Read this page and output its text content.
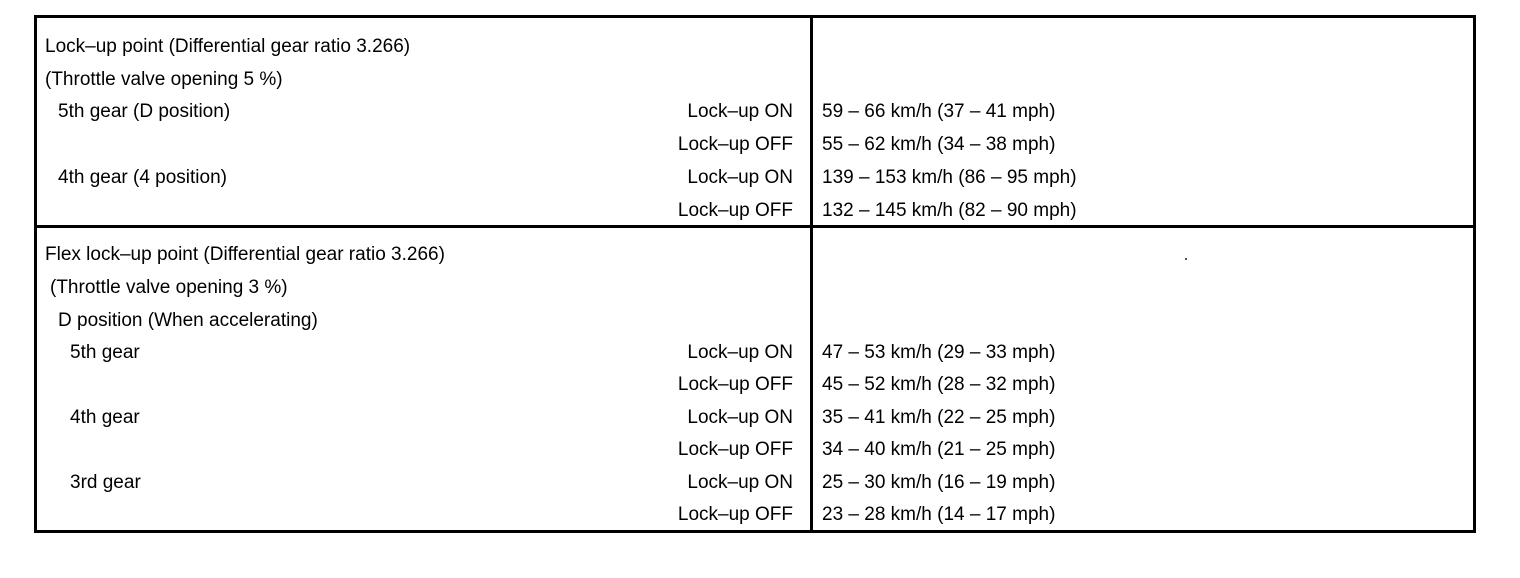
Lock–up point (Differential gear ratio 3.266)
(Throttle valve opening 5 %)
5th gear (D position)	Lock–up ON 59 – 66 km/h (37 – 41 mph)
Lock–up OFF 55 – 62 km/h (34 – 38 mph)
4th gear (4 position)	Lock–up ON 139 – 153 km/h (86 – 95 mph)
Lock–up OFF 132 – 145 km/h (82 – 90 mph)
Flex lock–up point (Differential gear ratio 3.266)
(Throttle valve opening 3 %)
D position (When accelerating)
5th gear	Lock–up ON 47 – 53 km/h (29 – 33 mph)
Lock–up OFF 45 – 52 km/h (28 – 32 mph)
4th gear	Lock–up ON 35 – 41 km/h (22 – 25 mph)
Lock–up OFF 34 – 40 km/h (21 – 25 mph)
3rd gear	Lock–up ON 25 – 30 km/h (16 – 19 mph)
Lock–up OFF 23 – 28 km/h (14 – 17 mph)
